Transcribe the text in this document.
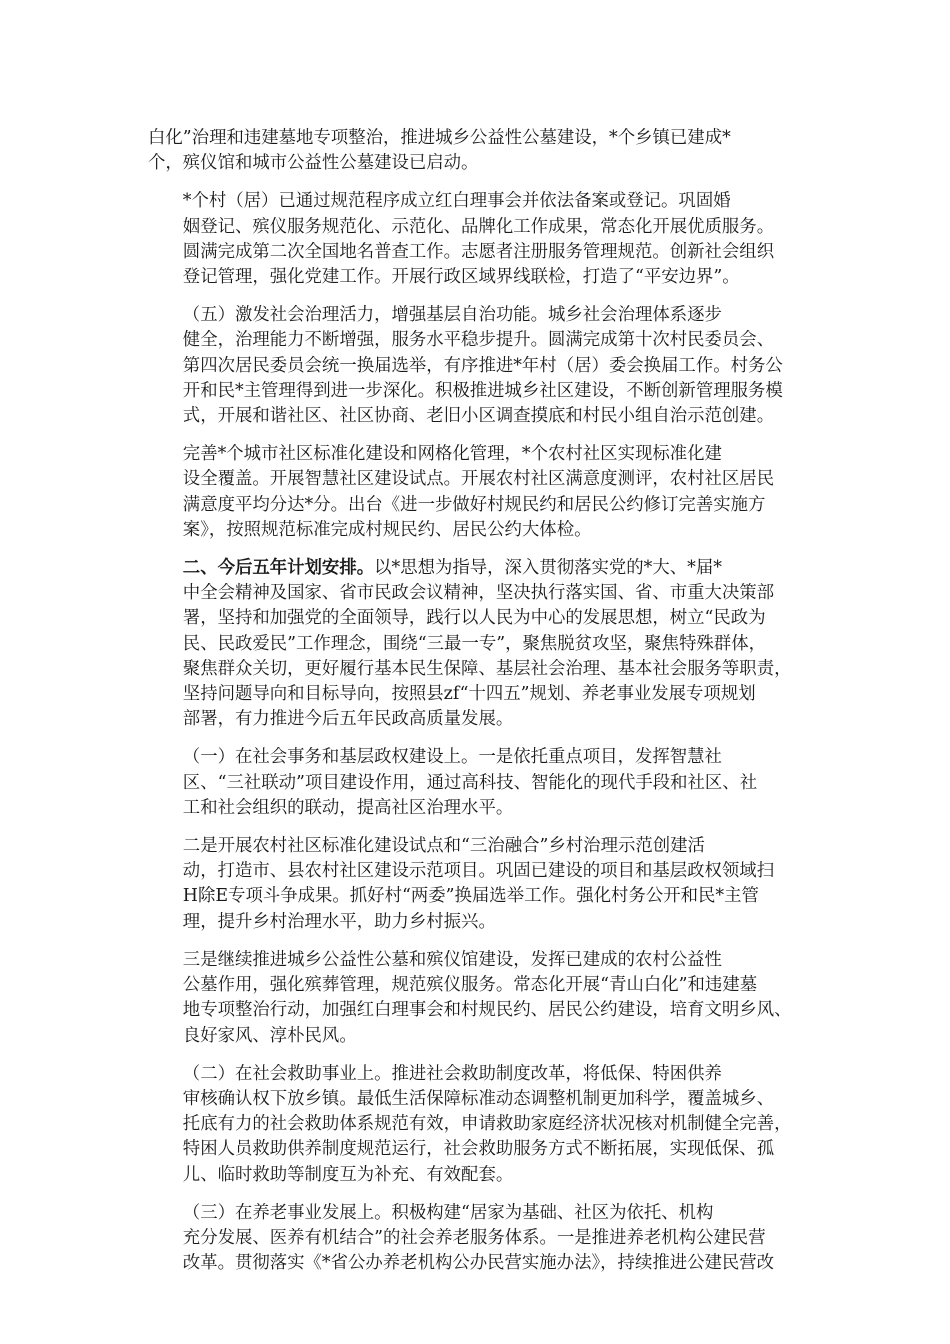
白化”治理和违建墓地专项整治，推进城乡公益性公墓建设，*个乡镇已建成*
个，殡仪馆和城市公益性公墓建设已启动。
*个村（居）已通过规范程序成立红白理事会并依法备案或登记。巩固婚
姻登记、殡仪服务规范化、示范化、品牌化工作成果，常态化开展优质服务。
圆满完成第二次全国地名普查工作。志愿者注册服务管理规范。创新社会组织
登记管理，强化党建工作。开展行政区域界线联检，打造了“平安边界”。
（五）激发社会治理活力，增强基层自治功能。城乡社会治理体系逐步
健全，治理能力不断增强，服务水平稳步提升。圆满完成第十次村民委员会、
第四次居民委员会统一换届选举，有序推进*年村（居）委会换届工作。村务公
开和民*主管理得到进一步深化。积极推进城乡社区建设，不断创新管理服务模
式，开展和谐社区、社区协商、老旧小区调查摸底和村民小组自治示范创建。
完善*个城市社区标准化建设和网格化管理，*个农村社区实现标准化建
设全覆盖。开展智慧社区建设试点。开展农村社区满意度测评，农村社区居民
满意度平均分达*分。出台《进一步做好村规民约和居民公约修订完善实施方
案》，按照规范标准完成村规民约、居民公约大体检。
二、今后五年计划安排。以*思想为指导，深入贯彻落实党的*大、*届*
中全会精神及国家、省市民政会议精神，坚决执行落实国、省、市重大决策部
署，坚持和加强党的全面领导，践行以人民为中心的发展思想，树立“民政为
民、民政爱民”工作理念，围绕“三最一专”，聚焦脱贫攻坚，聚焦特殊群体，
聚焦群众关切，更好履行基本民生保障、基层社会治理、基本社会服务等职责，
坚持问题导向和目标导向，按照县zf“十四五”规划、养老事业发展专项规划
部署，有力推进今后五年民政高质量发展。
（一）在社会事务和基层政权建设上。一是依托重点项目，发挥智慧社
区、“三社联动”项目建设作用，通过高科技、智能化的现代手段和社区、社
工和社会组织的联动，提高社区治理水平。
二是开展农村社区标准化建设试点和“三治融合”乡村治理示范创建活
动，打造市、县农村社区建设示范项目。巩固已建设的项目和基层政权领域扫
H除E专项斗争成果。抓好村“两委”换届选举工作。强化村务公开和民*主管
理，提升乡村治理水平，助力乡村振兴。
三是继续推进城乡公益性公墓和殡仪馆建设，发挥已建成的农村公益性
公墓作用，强化殡葬管理，规范殡仪服务。常态化开展“青山白化”和违建墓
地专项整治行动，加强红白理事会和村规民约、居民公约建设，培育文明乡风、
良好家风、淳朴民风。
（二）在社会救助事业上。推进社会救助制度改革，将低保、特困供养
审核确认权下放乡镇。最低生活保障标准动态调整机制更加科学，覆盖城乡、
托底有力的社会救助体系规范有效，申请救助家庭经济状况核对机制健全完善，
特困人员救助供养制度规范运行，社会救助服务方式不断拓展，实现低保、孤
儿、临时救助等制度互为补充、有效配套。
（三）在养老事业发展上。积极构建“居家为基础、社区为依托、机构
充分发展、医养有机结合”的社会养老服务体系。一是推进养老机构公建民营
改革。贯彻落实《*省公办养老机构公办民营实施办法》，持续推进公建民营改
